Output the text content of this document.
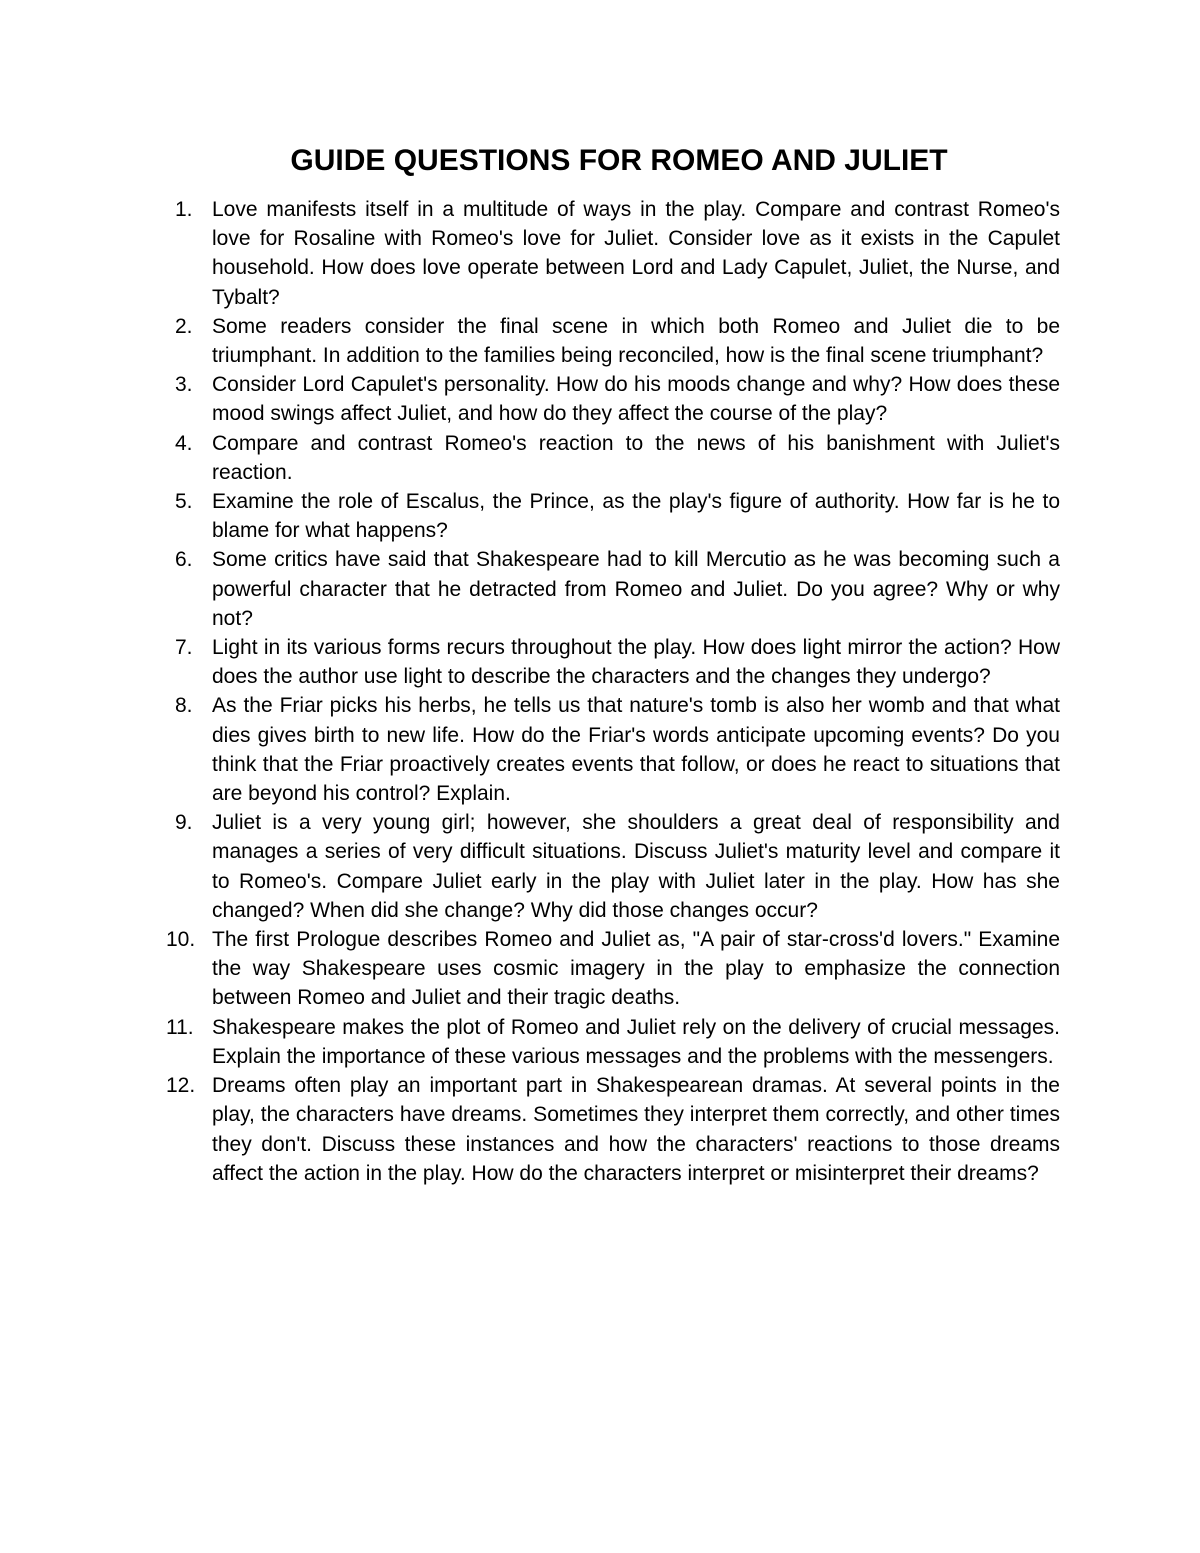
GUIDE QUESTIONS FOR ROMEO AND JULIET
1. Love manifests itself in a multitude of ways in the play. Compare and contrast Romeo's love for Rosaline with Romeo's love for Juliet. Consider love as it exists in the Capulet household. How does love operate between Lord and Lady Capulet, Juliet, the Nurse, and Tybalt?
2. Some readers consider the final scene in which both Romeo and Juliet die to be triumphant. In addition to the families being reconciled, how is the final scene triumphant?
3. Consider Lord Capulet's personality. How do his moods change and why? How does these mood swings affect Juliet, and how do they affect the course of the play?
4. Compare and contrast Romeo's reaction to the news of his banishment with Juliet's reaction.
5. Examine the role of Escalus, the Prince, as the play's figure of authority. How far is he to blame for what happens?
6. Some critics have said that Shakespeare had to kill Mercutio as he was becoming such a powerful character that he detracted from Romeo and Juliet. Do you agree? Why or why not?
7. Light in its various forms recurs throughout the play. How does light mirror the action? How does the author use light to describe the characters and the changes they undergo?
8. As the Friar picks his herbs, he tells us that nature's tomb is also her womb and that what dies gives birth to new life. How do the Friar's words anticipate upcoming events? Do you think that the Friar proactively creates events that follow, or does he react to situations that are beyond his control? Explain.
9. Juliet is a very young girl; however, she shoulders a great deal of responsibility and manages a series of very difficult situations. Discuss Juliet's maturity level and compare it to Romeo's. Compare Juliet early in the play with Juliet later in the play. How has she changed? When did she change? Why did those changes occur?
10. The first Prologue describes Romeo and Juliet as, "A pair of star-cross'd lovers." Examine the way Shakespeare uses cosmic imagery in the play to emphasize the connection between Romeo and Juliet and their tragic deaths.
11. Shakespeare makes the plot of Romeo and Juliet rely on the delivery of crucial messages. Explain the importance of these various messages and the problems with the messengers.
12. Dreams often play an important part in Shakespearean dramas. At several points in the play, the characters have dreams. Sometimes they interpret them correctly, and other times they don't. Discuss these instances and how the characters' reactions to those dreams affect the action in the play. How do the characters interpret or misinterpret their dreams?
